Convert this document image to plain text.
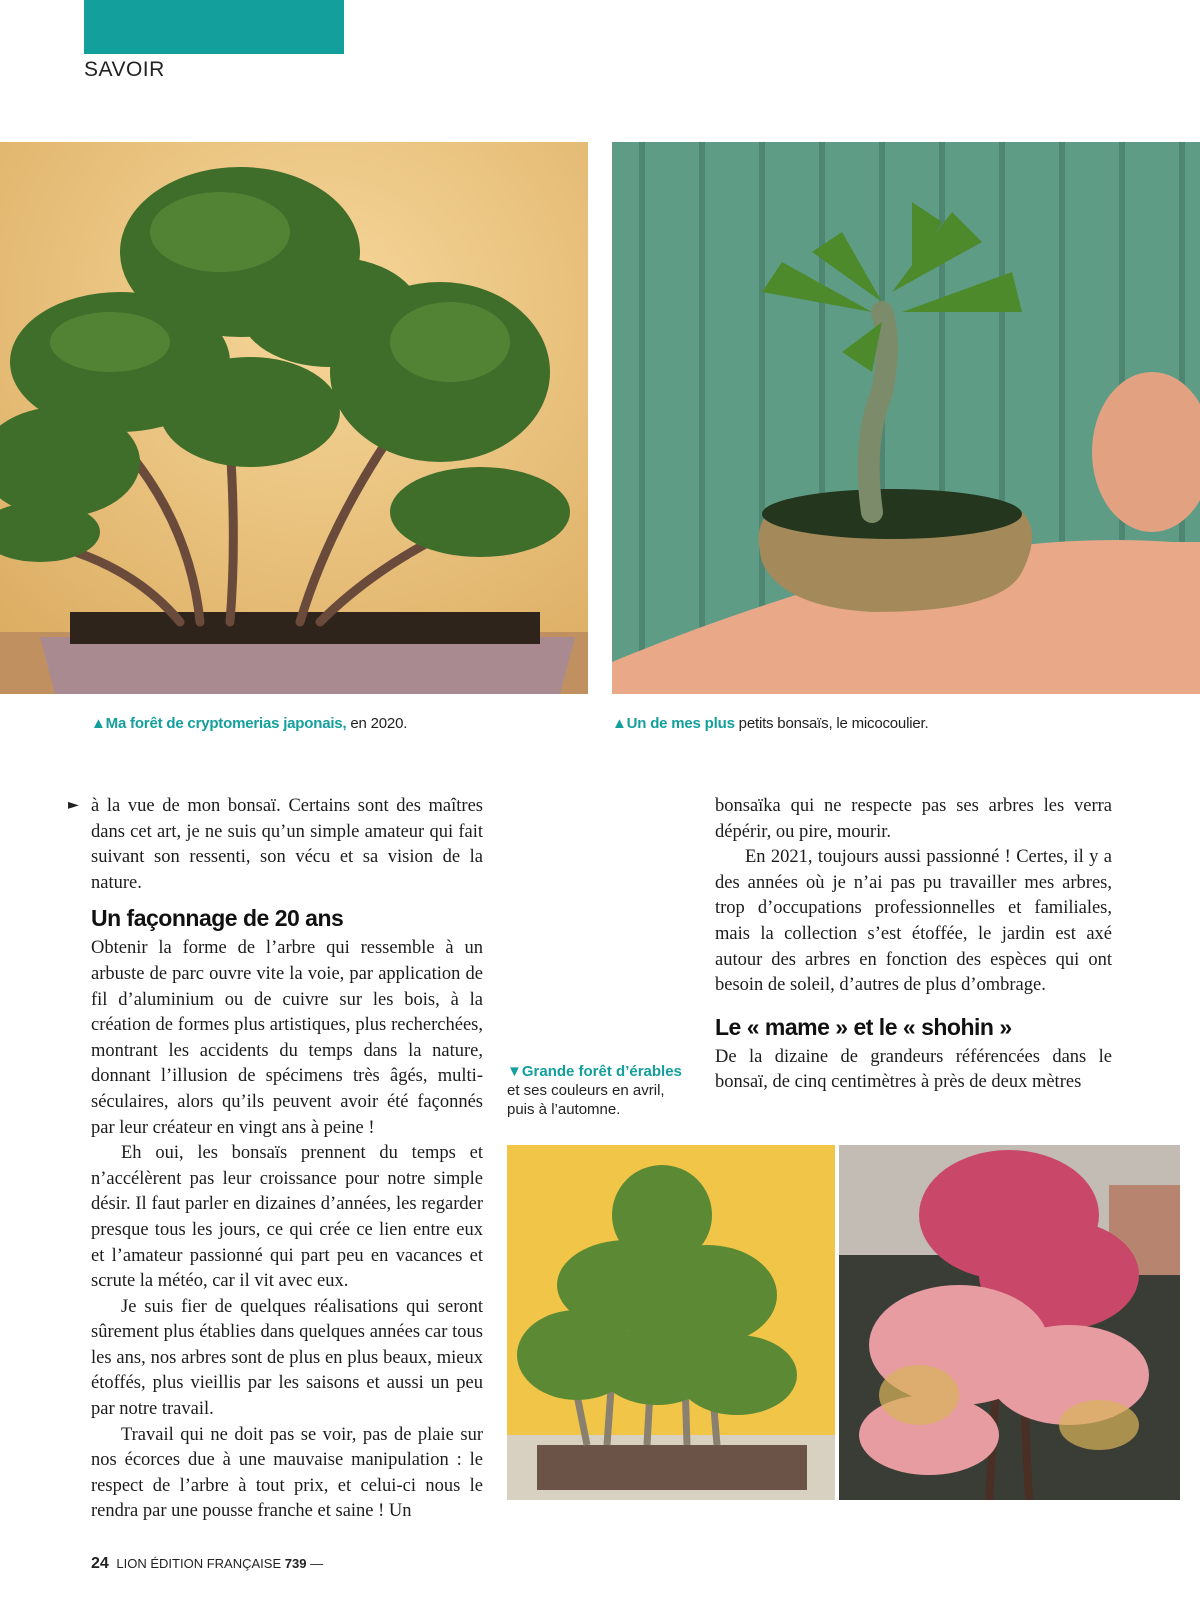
SAVOIR
▲Ma forêt de cryptomerias japonais, en 2020.	▲Un de mes plus petits bonsaïs, le micocoulier.
► à la vue de mon bonsaï. Certains sont des maîtres dans cet art, je ne suis qu’un simple amateur qui fait suivant son ressenti, son vécu et sa vision de la nature.

Un façonnage de 20 ans

Obtenir la forme de l’arbre qui ressemble à un arbuste de parc ouvre vite la voie, par application de fil d’aluminium ou de cuivre sur les bois, à la création de formes plus artistiques, plus recherchées, montrant les accidents du temps dans la nature, donnant l’illusion de spécimens très âgés, multi-séculaires, alors qu’ils peuvent avoir été façonnés par leur créateur en vingt ans à peine !

Eh oui, les bonsaïs prennent du temps et n’accélèrent pas leur croissance pour notre simple désir. Il faut parler en dizaines d’années, les regarder presque tous les jours, ce qui crée ce lien entre eux et l’amateur passionné qui part peu en vacances et scrute la météo, car il vit avec eux.

Je suis fier de quelques réalisations qui seront sûrement plus établies dans quelques années car tous les ans, nos arbres sont de plus en plus beaux, mieux étoffés, plus vieillis par les saisons et aussi un peu par notre travail.

Travail qui ne doit pas se voir, pas de plaie sur nos écorces due à une mauvaise manipulation : le respect de l’arbre à tout prix, et celui-ci nous le rendra par une pousse franche et saine ! Un

bonsaïka qui ne respecte pas ses arbres les verra dépérir, ou pire, mourir.

En 2021, toujours aussi passionné ! Certes, il y a des années où je n’ai pas pu travailler mes arbres, trop d’occupations professionnelles et familiales, mais la collection s’est étoffée, le jardin est axé autour des arbres en fonction des espèces qui ont besoin de soleil, d’autres de plus d’ombrage.

Le « mame » et le « shohin »

De la dizaine de grandeurs référencées dans le bonsaï, de cinq centimètres à près de deux mètres

▼Grande forêt d’érables
et ses couleurs en avril,
puis à l’automne.
24 LION ÉDITION FRANÇAISE 739 —
